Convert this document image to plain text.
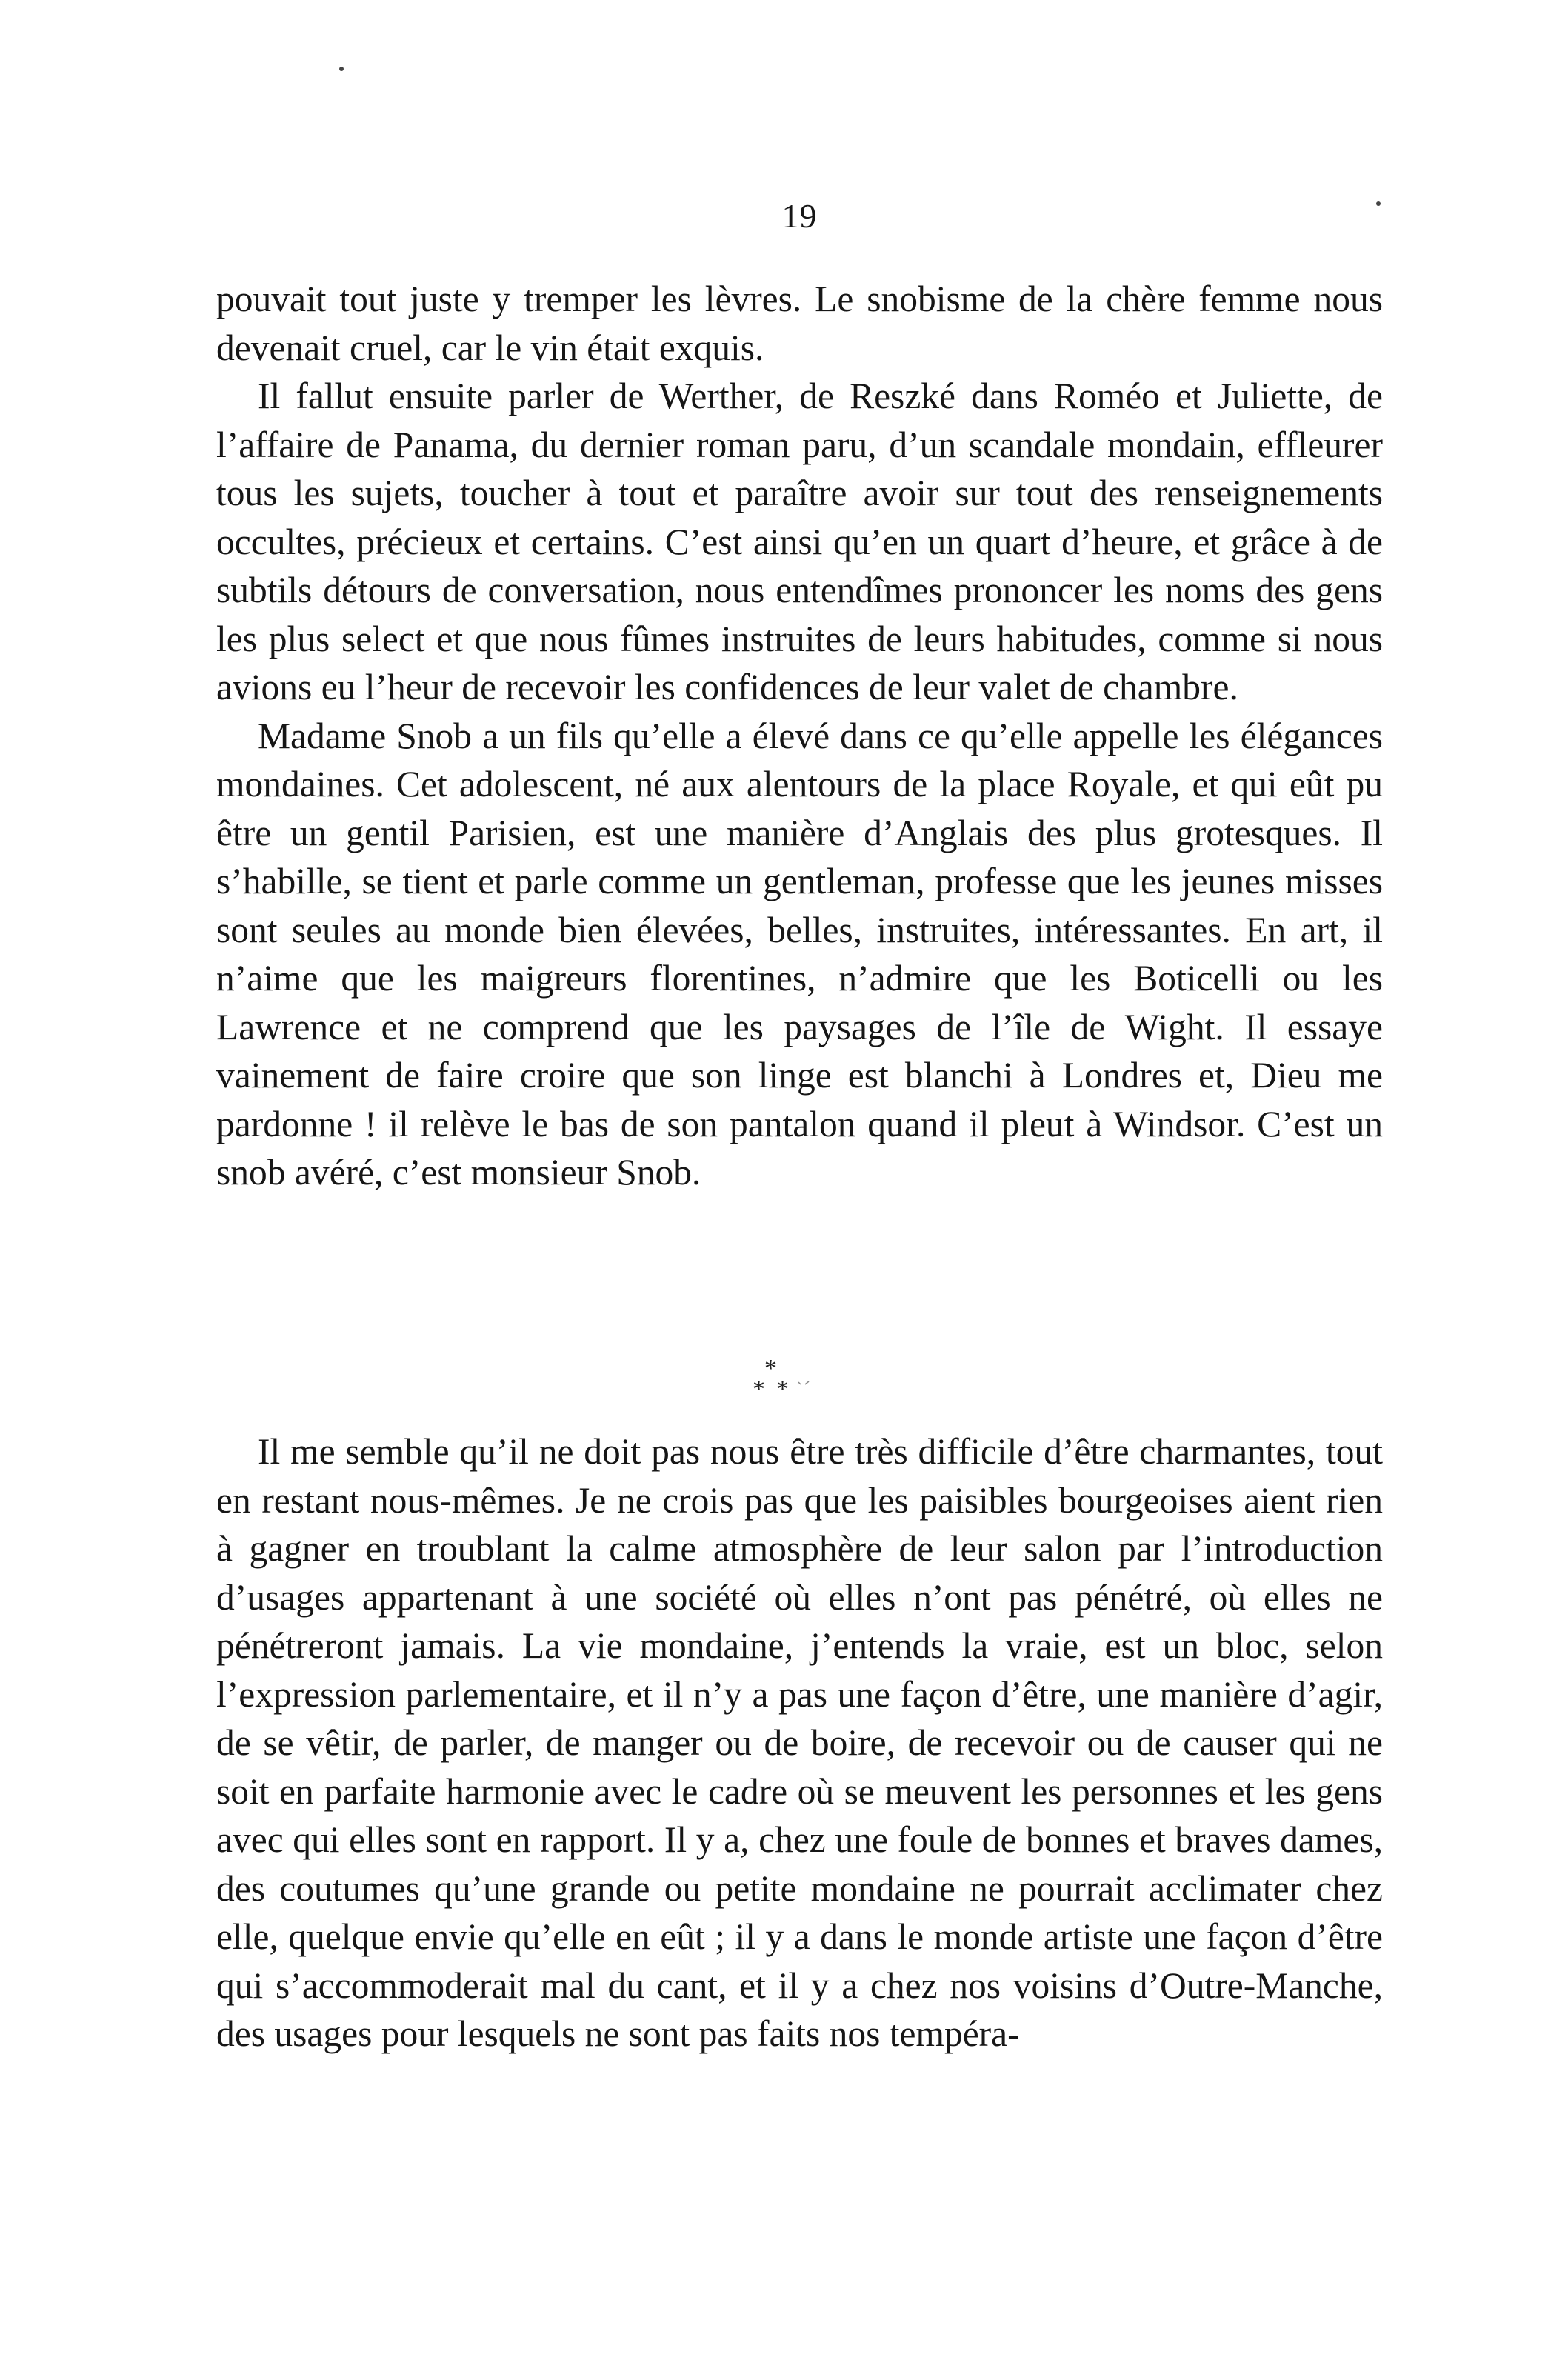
19

pouvait tout juste y tremper les lèvres. Le snobisme de la chère femme nous devenait cruel, car le vin était exquis.

Il fallut ensuite parler de Werther, de Reszké dans Roméo et Juliette, de l’affaire de Panama, du dernier roman paru, d’un scandale mondain, effleurer tous les sujets, toucher à tout et paraître avoir sur tout des renseignements occultes, précieux et certains. C’est ainsi qu’en un quart d’heure, et grâce à de subtils détours de conversation, nous entendîmes prononcer les noms des gens les plus select et que nous fûmes instruites de leurs habitudes, comme si nous avions eu l’heur de recevoir les confidences de leur valet de chambre.

Madame Snob a un fils qu’elle a élevé dans ce qu’elle appelle les élégances mondaines. Cet adolescent, né aux alentours de la place Royale, et qui eût pu être un gentil Parisien, est une manière d’Anglais des plus grotesques. Il s’habille, se tient et parle comme un gentleman, professe que les jeunes misses sont seules au monde bien élevées, belles, instruites, intéressantes. En art, il n’aime que les maigreurs florentines, n’admire que les Boticelli ou les Lawrence et ne comprend que les paysages de l’île de Wight. Il essaye vainement de faire croire que son linge est blanchi à Londres et, Dieu me pardonne ! il relève le bas de son pantalon quand il pleut à Windsor. C’est un snob avéré, c’est monsieur Snob.

*
* *

Il me semble qu’il ne doit pas nous être très difficile d’être charmantes, tout en restant nous-mêmes. Je ne crois pas que les paisibles bourgeoises aient rien à gagner en troublant la calme atmosphère de leur salon par l’introduction d’usages appartenant à une société où elles n’ont pas pénétré, où elles ne pénétreront jamais. La vie mondaine, j’entends la vraie, est un bloc, selon l’expression parlementaire, et il n’y a pas une façon d’être, une manière d’agir, de se vêtir, de parler, de manger ou de boire, de recevoir ou de causer qui ne soit en parfaite harmonie avec le cadre où se meuvent les personnes et les gens avec qui elles sont en rapport. Il y a, chez une foule de bonnes et braves dames, des coutumes qu’une grande ou petite mondaine ne pourrait acclimater chez elle, quelque envie qu’elle en eût ; il y a dans le monde artiste une façon d’être qui s’accommoderait mal du cant, et il y a chez nos voisins d’Outre-Manche, des usages pour lesquels ne sont pas faits nos tempéra-
